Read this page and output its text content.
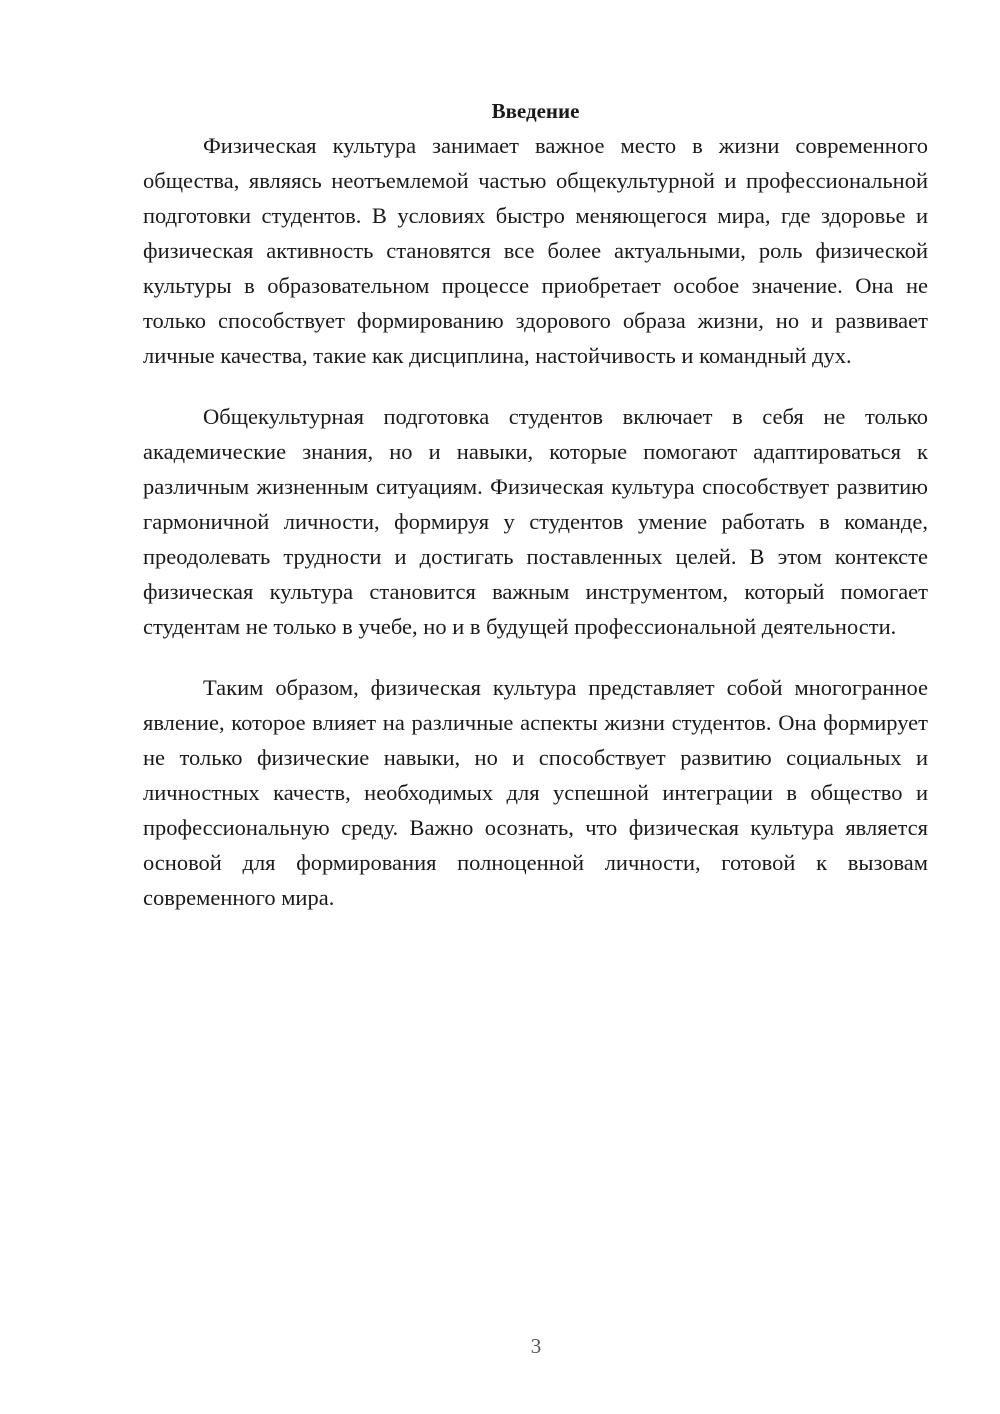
Введение

Физическая культура занимает важное место в жизни современного общества, являясь неотъемлемой частью общекультурной и профессиональной подготовки студентов. В условиях быстро меняющегося мира, где здоровье и физическая активность становятся все более актуальными, роль физической культуры в образовательном процессе приобретает особое значение. Она не только способствует формированию здорового образа жизни, но и развивает личные качества, такие как дисциплина, настойчивость и командный дух.

Общекультурная подготовка студентов включает в себя не только академические знания, но и навыки, которые помогают адаптироваться к различным жизненным ситуациям. Физическая культура способствует развитию гармоничной личности, формируя у студентов умение работать в команде, преодолевать трудности и достигать поставленных целей. В этом контексте физическая культура становится важным инструментом, который помогает студентам не только в учебе, но и в будущей профессиональной деятельности.

Таким образом, физическая культура представляет собой многогранное явление, которое влияет на различные аспекты жизни студентов. Она формирует не только физические навыки, но и способствует развитию социальных и личностных качеств, необходимых для успешной интеграции в общество и профессиональную среду. Важно осознать, что физическая культура является основой для формирования полноценной личности, готовой к вызовам современного мира.

3
